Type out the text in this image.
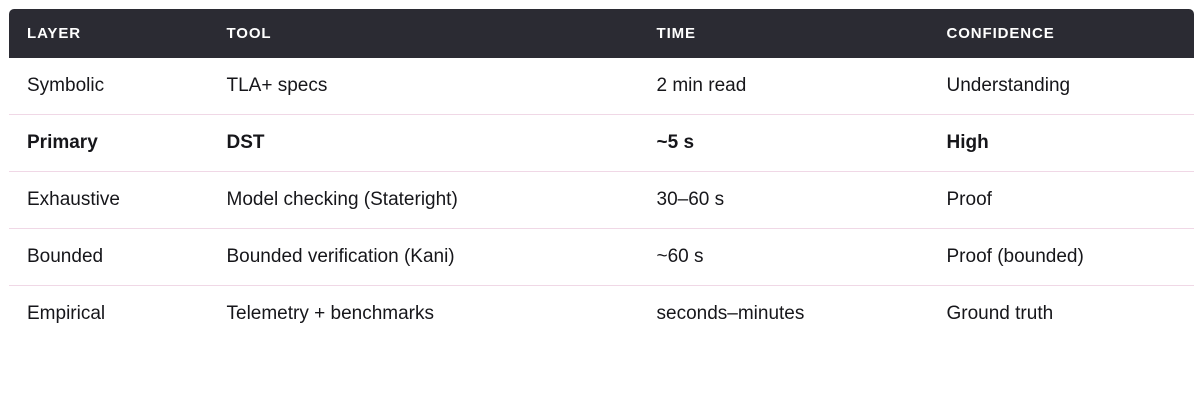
LAYER	TOOL	TIME	CONFIDENCE
Symbolic	TLA+ specs	2 min read	Understanding
Primary	DST	~5 s	High
Exhaustive	Model checking (Stateright)	30–60 s	Proof
Bounded	Bounded verification (Kani)	~60 s	Proof (bounded)
Empirical	Telemetry + benchmarks	seconds–minutes	Ground truth
